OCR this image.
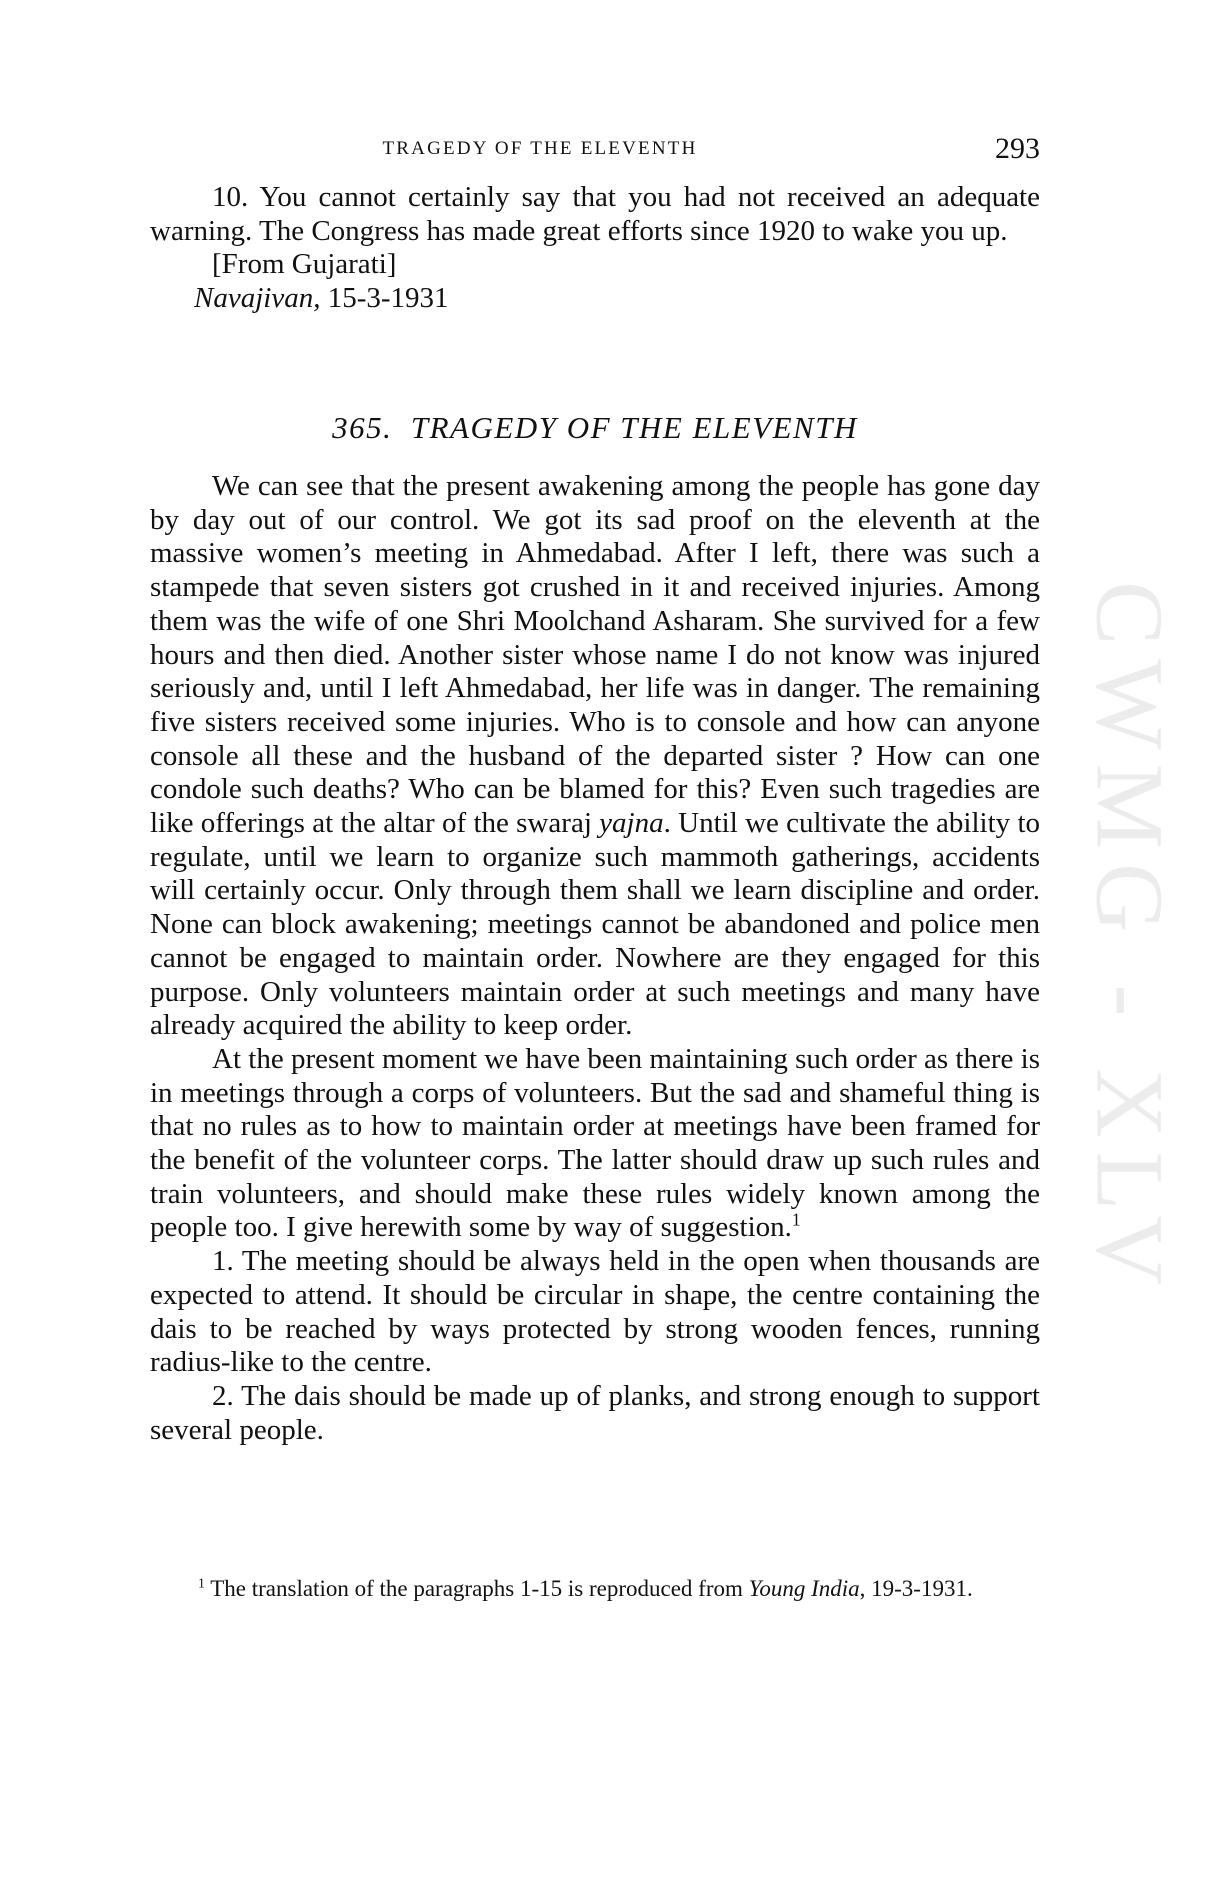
TRAGEDY OF THE ELEVENTH	293

10. You cannot certainly say that you had not received an adequate warning. The Congress has made great efforts since 1920 to wake you up.

[From Gujarati]

Navajivan, 15-3-1931

365. TRAGEDY OF THE ELEVENTH

We can see that the present awakening among the people has gone day by day out of our control. We got its sad proof on the eleventh at the massive women’s meeting in Ahmedabad. After I left, there was such a stampede that seven sisters got crushed in it and received injuries. Among them was the wife of one Shri Moolchand Asharam. She survived for a few hours and then died. Another sister whose name I do not know was injured seriously and, until I left Ahmedabad, her life was in danger. The remaining five sisters received some injuries. Who is to console and how can anyone console all these and the husband of the departed sister ? How can one condole such deaths? Who can be blamed for this? Even such tragedies are like offerings at the altar of the swaraj yajna. Until we cultivate the ability to regulate, until we learn to organize such mammoth gatherings, accidents will certainly occur. Only through them shall we learn discipline and order. None can block awakening; meetings cannot be abandoned and police men cannot be engaged to maintain order. Nowhere are they engaged for this purpose. Only volunteers maintain order at such meetings and many have already acquired the ability to keep order.

At the present moment we have been maintaining such order as there is in meetings through a corps of volunteers. But the sad and shameful thing is that no rules as to how to maintain order at meetings have been framed for the benefit of the volunteer corps. The latter should draw up such rules and train volunteers, and should make these rules widely known among the people too. I give herewith some by way of suggestion.$^1$

1. The meeting should be always held in the open when thousands are expected to attend. It should be circular in shape, the centre containing the dais to be reached by ways protected by strong wooden fences, running radius-like to the centre.

2. The dais should be made up of planks, and strong enough to support several people.

$^1$ The translation of the paragraphs 1-15 is reproduced from Young India, 19-3-1931.

CWMG - XLV
